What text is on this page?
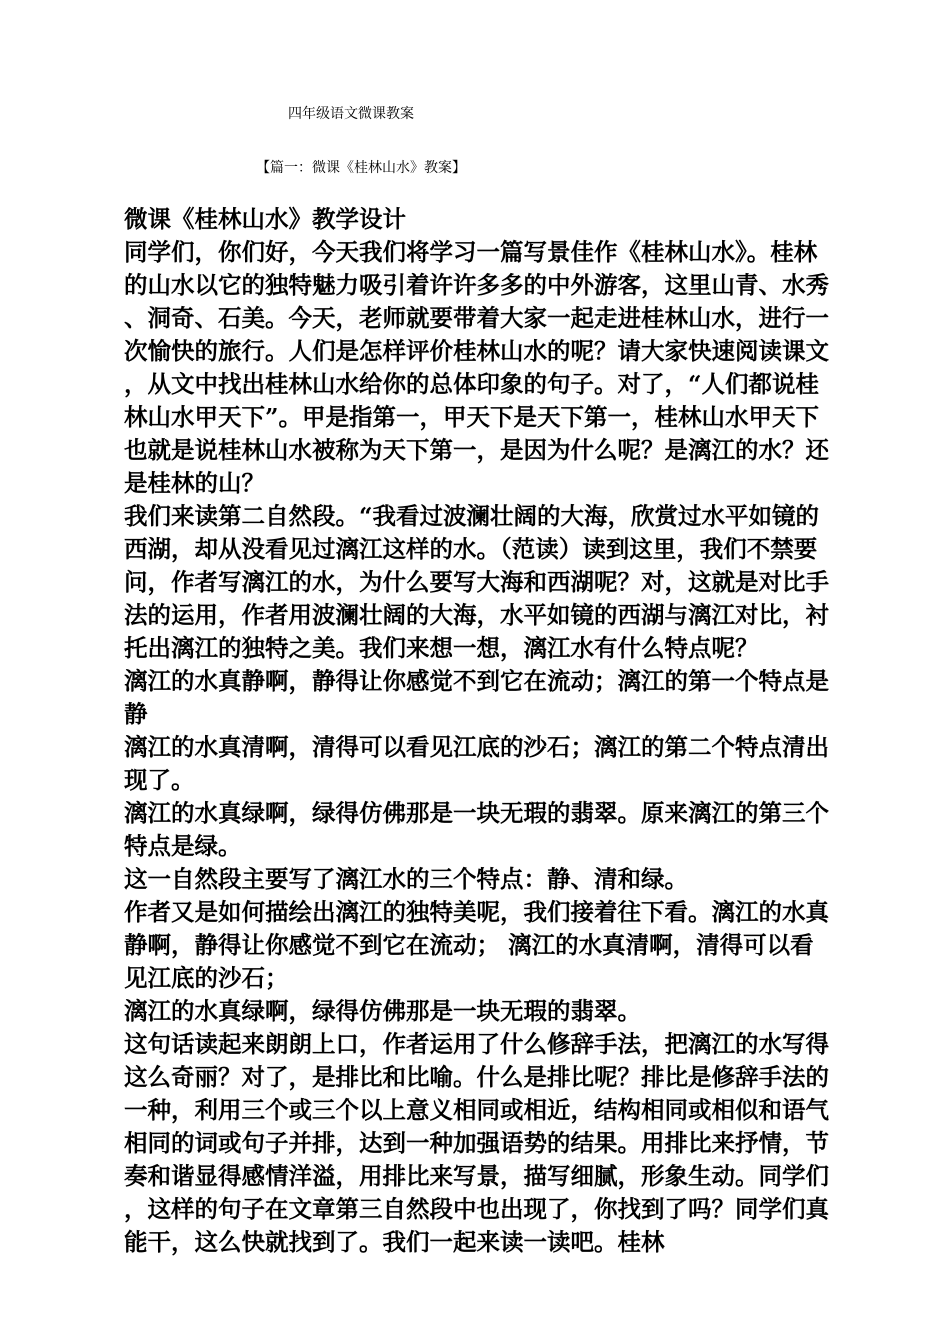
四年级语文微课教案
【篇一：微课《桂林山水》教案】

微课《桂林山水》教学设计

同学们，你们好，今天我们将学习一篇写景佳作《桂林山水》。桂林的山水以它的独特魅力吸引着许许多多的中外游客，这里山青、水秀、洞奇、石美。今天，老师就要带着大家一起走进桂林山水，进行一次愉快的旅行。人们是怎样评价桂林山水的呢？请大家快速阅读课文，从文中找出桂林山水给你的总体印象的句子。对了，“人们都说桂林山水甲天下”。甲是指第一，甲天下是天下第一，桂林山水甲天下也就是说桂林山水被称为天下第一，是因为什么呢？是漓江的水？还是桂林的山？

我们来读第二自然段。“我看过波澜壮阔的大海，欣赏过水平如镜的西湖，却从没看见过漓江这样的水。（范读）读到这里，我们不禁要问，作者写漓江的水，为什么要写大海和西湖呢？对，这就是对比手法的运用，作者用波澜壮阔的大海，水平如镜的西湖与漓江对比，衬托出漓江的独特之美。我们来想一想，漓江水有什么特点呢？

漓江的水真静啊，静得让你感觉不到它在流动；漓江的第一个特点是静

漓江的水真清啊，清得可以看见江底的沙石；漓江的第二个特点清出现了。

漓江的水真绿啊，绿得仿佛那是一块无瑕的翡翠。原来漓江的第三个特点是绿。

这一自然段主要写了漓江水的三个特点：静、清和绿。

作者又是如何描绘出漓江的独特美呢，我们接着往下看。漓江的水真静啊，静得让你感觉不到它在流动； 漓江的水真清啊，清得可以看见江底的沙石；

漓江的水真绿啊，绿得仿佛那是一块无瑕的翡翠。

这句话读起来朗朗上口，作者运用了什么修辞手法，把漓江的水写得这么奇丽？对了，是排比和比喻。什么是排比呢？排比是修辞手法的一种，利用三个或三个以上意义相同或相近，结构相同或相似和语气相同的词或句子并排，达到一种加强语势的结果。用排比来抒情，节奏和谐显得感情洋溢，用排比来写景，描写细腻，形象生动。同学们，这样的句子在文章第三自然段中也出现了，你找到了吗？同学们真能干，这么快就找到了。我们一起来读一读吧。桂林
